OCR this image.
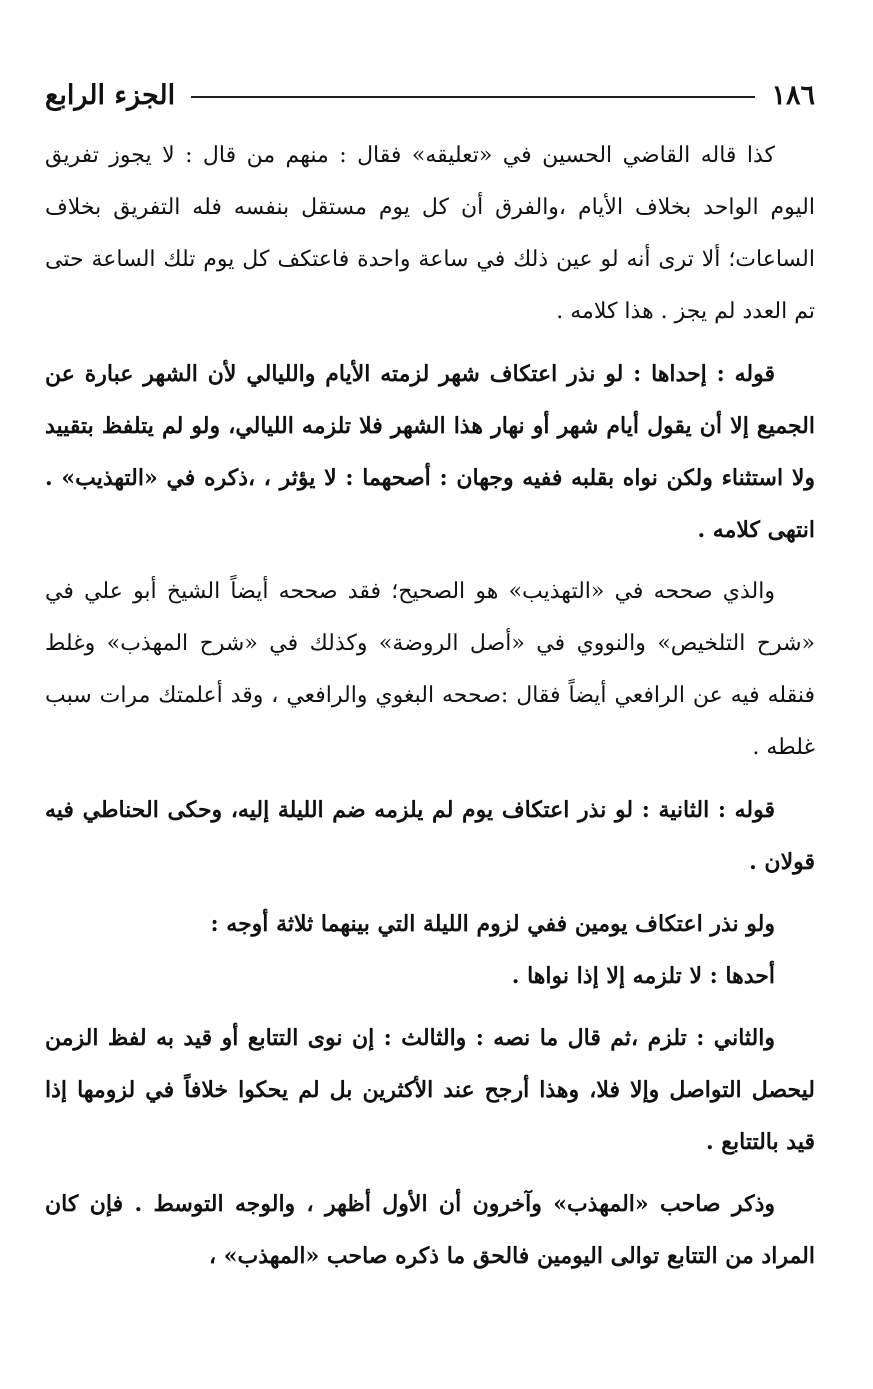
١٨٦
الجزء الرابع

كذا قاله القاضي الحسين في «تعليقه» فقال : منهم من قال : لا يجوز تفريق اليوم الواحد بخلاف الأيام ،والفرق أن كل يوم مستقل بنفسه فله التفريق بخلاف الساعات؛ ألا ترى أنه لو عين ذلك في ساعة واحدة فاعتكف كل يوم تلك الساعة حتى تم العدد لم يجز . هذا كلامه .

قوله : إحداها : لو نذر اعتكاف شهر لزمته الأيام والليالي لأن الشهر عبارة عن الجميع إلا أن يقول أيام شهر أو نهار هذا الشهر فلا تلزمه الليالي، ولو لم يتلفظ بتقييد ولا استثناء ولكن نواه بقلبه ففيه وجهان : أصحهما : لا يؤثر ، ،ذكره في «التهذيب» . انتهى كلامه .

والذي صححه في «التهذيب» هو الصحيح؛ فقد صححه أيضاً الشيخ أبو علي في «شرح التلخيص» والنووي في «أصل الروضة» وكذلك في «شرح المهذب» وغلط فنقله فيه عن الرافعي أيضاً فقال :صححه البغوي والرافعي ، وقد أعلمتك مرات سبب غلطه .

قوله : الثانية : لو نذر اعتكاف يوم لم يلزمه ضم الليلة إليه، وحكى الحناطي فيه قولان .

ولو نذر اعتكاف يومين ففي لزوم الليلة التي بينهما ثلاثة أوجه :

أحدها : لا تلزمه إلا إذا نواها .

والثاني : تلزم ،ثم قال ما نصه : والثالث : إن نوى التتابع أو قيد به لفظ الزمن ليحصل التواصل وإلا فلا، وهذا أرجح عند الأكثرين بل لم يحكوا خلافاً في لزومها إذا قيد بالتتابع .

وذكر صاحب «المهذب» وآخرون أن الأول أظهر ، والوجه التوسط . فإن كان المراد من التتابع توالى اليومين فالحق ما ذكره صاحب «المهذب» ،
